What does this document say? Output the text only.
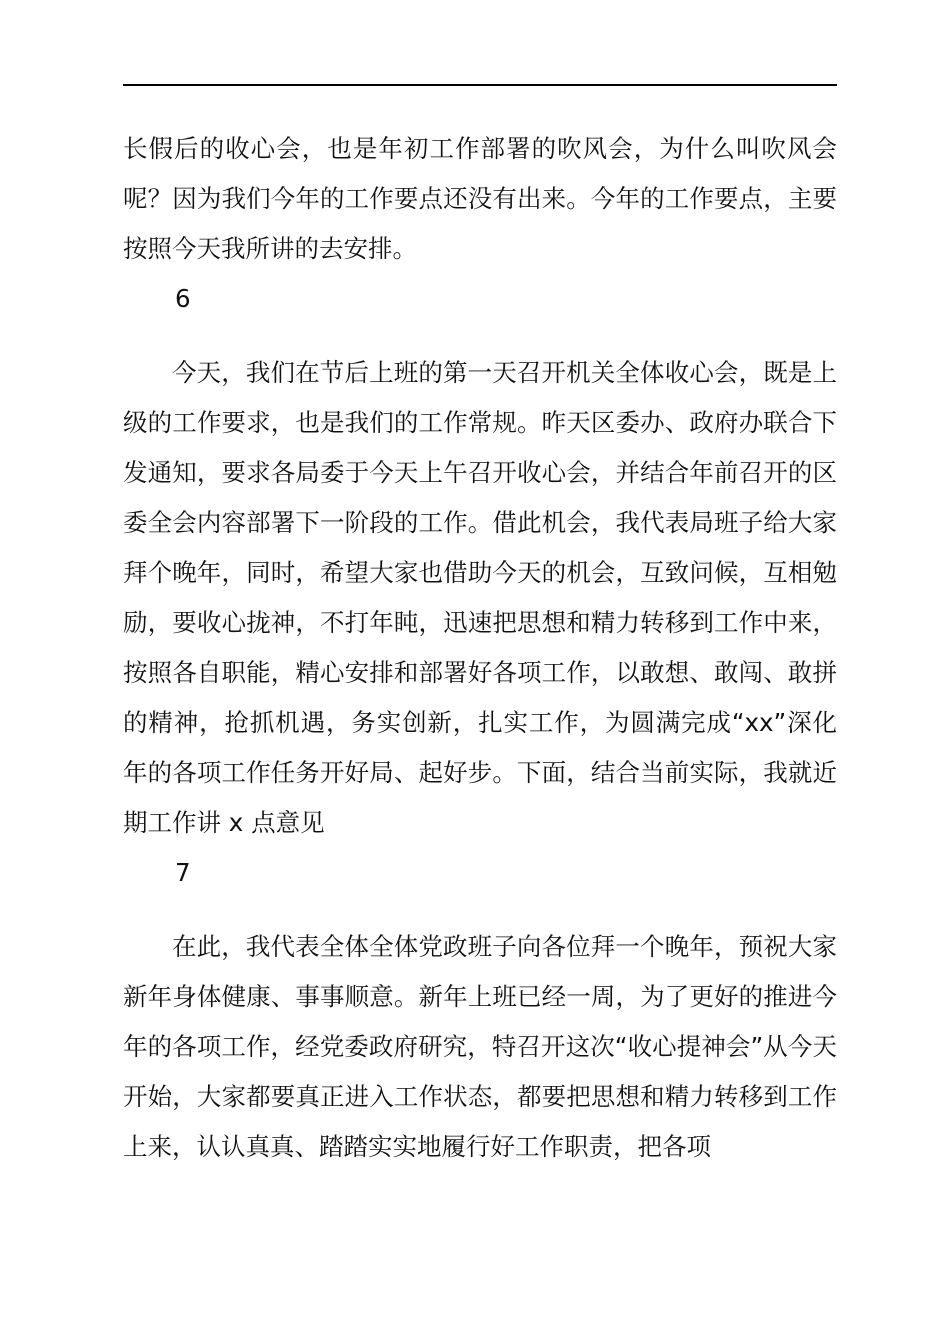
长假后的收心会，也是年初工作部署的吹风会，为什么叫吹风会呢？因为我们今年的工作要点还没有出来。今年的工作要点，主要按照今天我所讲的去安排。

6

今天，我们在节后上班的第一天召开机关全体收心会，既是上级的工作要求，也是我们的工作常规。昨天区委办、政府办联合下发通知，要求各局委于今天上午召开收心会，并结合年前召开的区委全会内容部署下一阶段的工作。借此机会，我代表局班子给大家拜个晚年，同时，希望大家也借助今天的机会，互致问候，互相勉励，要收心拢神，不打年盹，迅速把思想和精力转移到工作中来，按照各自职能，精心安排和部署好各项工作，以敢想、敢闯、敢拼的精神，抢抓机遇，务实创新，扎实工作，为圆满完成“xx”深化年的各项工作任务开好局、起好步。下面，结合当前实际，我就近期工作讲 x 点意见

7

在此，我代表全体全体党政班子向各位拜一个晚年，预祝大家新年身体健康、事事顺意。新年上班已经一周，为了更好的推进今年的各项工作，经党委政府研究，特召开这次“收心提神会”从今天开始，大家都要真正进入工作状态，都要把思想和精力转移到工作上来，认认真真、踏踏实实地履行好工作职责，把各项
